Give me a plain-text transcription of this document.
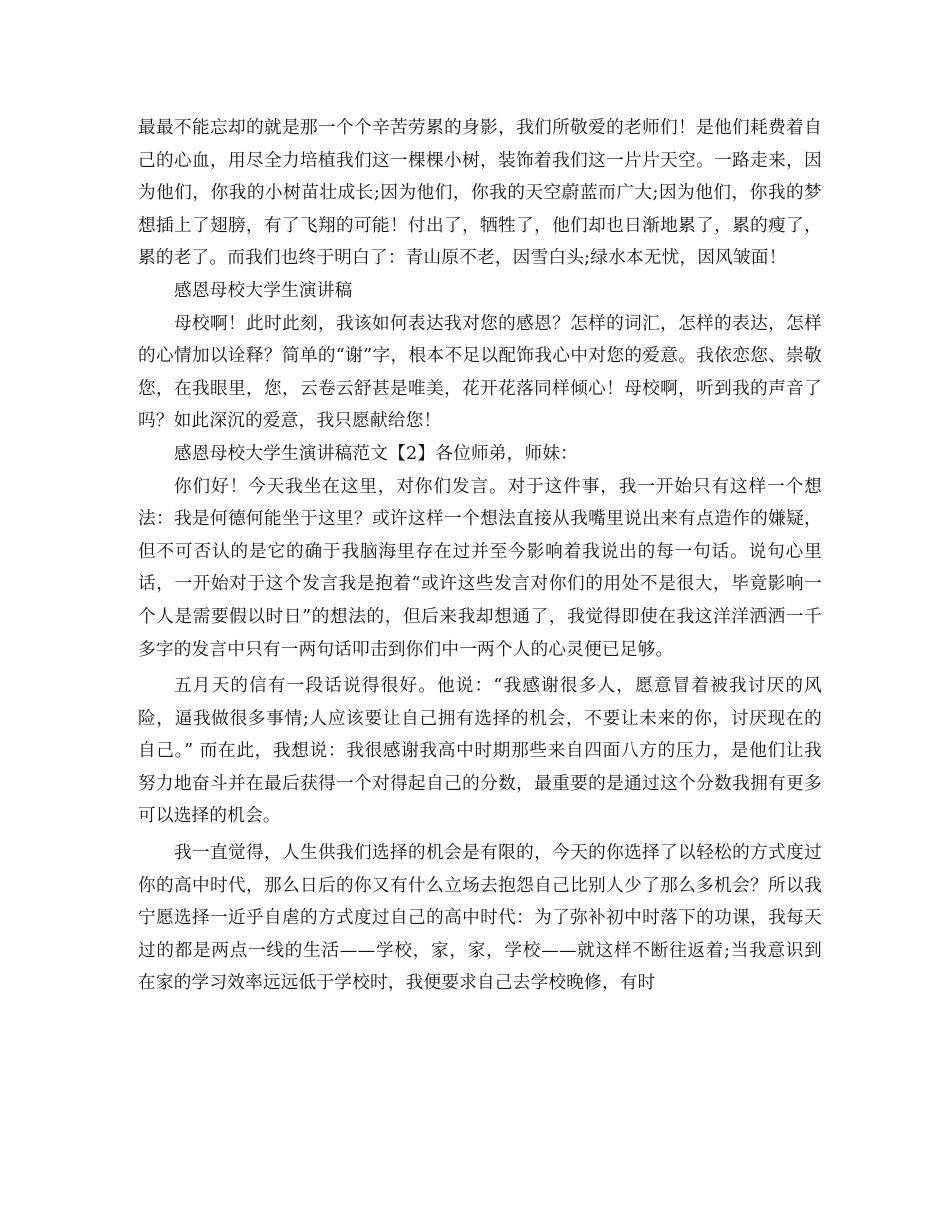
最最不能忘却的就是那一个个辛苦劳累的身影，我们所敬爱的老师们！是他们耗费着自己的心血，用尽全力培植我们这一棵棵小树，装饰着我们这一片片天空。一路走来，因为他们，你我的小树苗壮成长;因为他们，你我的天空蔚蓝而广大;因为他们，你我的梦想插上了翅膀，有了飞翔的可能！付出了，牺牲了，他们却也日渐地累了，累的瘦了，累的老了。而我们也终于明白了：青山原不老，因雪白头;绿水本无忧，因风皱面！

感恩母校大学生演讲稿

母校啊！此时此刻，我该如何表达我对您的感恩？怎样的词汇，怎样的表达，怎样的心情加以诠释？简单的“谢”字，根本不足以配饰我心中对您的爱意。我依恋您、崇敬您，在我眼里，您，云卷云舒甚是唯美，花开花落同样倾心！母校啊，听到我的声音了吗？如此深沉的爱意，我只愿献给您！

感恩母校大学生演讲稿范文【2】各位师弟，师妹：

你们好！今天我坐在这里，对你们发言。对于这件事，我一开始只有这样一个想法：我是何德何能坐于这里？或许这样一个想法直接从我嘴里说出来有点造作的嫌疑，但不可否认的是它的确于我脑海里存在过并至今影响着我说出的每一句话。说句心里话，一开始对于这个发言我是抱着“或许这些发言对你们的用处不是很大，毕竟影响一个人是需要假以时日”的想法的，但后来我却想通了，我觉得即使在我这洋洋洒洒一千多字的发言中只有一两句话叩击到你们中一两个人的心灵便已足够。

五月天的信有一段话说得很好。他说：“我感谢很多人，愿意冒着被我讨厌的风险，逼我做很多事情;人应该要让自己拥有选择的机会，不要让未来的你，讨厌现在的自己。” 而在此，我想说：我很感谢我高中时期那些来自四面八方的压力，是他们让我努力地奋斗并在最后获得一个对得起自己的分数，最重要的是通过这个分数我拥有更多可以选择的机会。

我一直觉得，人生供我们选择的机会是有限的，今天的你选择了以轻松的方式度过你的高中时代，那么日后的你又有什么立场去抱怨自己比别人少了那么多机会？所以我宁愿选择一近乎自虐的方式度过自己的高中时代：为了弥补初中时落下的功课，我每天过的都是两点一线的生活——学校，家，家，学校——就这样不断往返着;当我意识到在家的学习效率远远低于学校时，我便要求自己去学校晚修，有时
